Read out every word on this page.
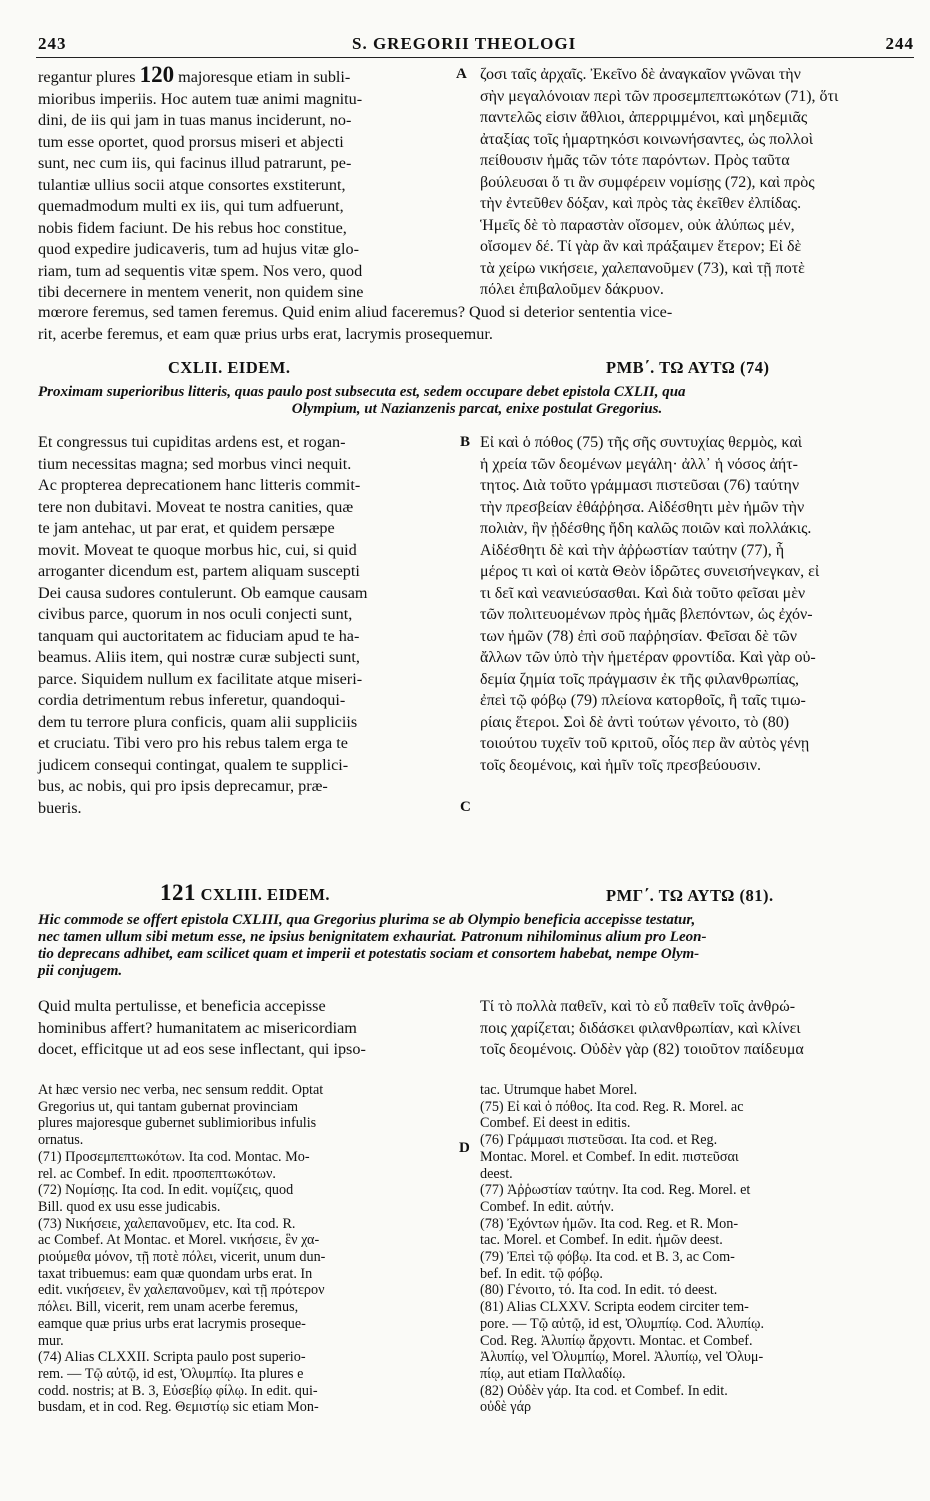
243	S. GREGORII THEOLOGI	244
regantur plures 120 majoresque etiam in subli-
mioribus imperiis. Hoc autem tuæ animi magnitu-
dini, de iis qui jam in tuas manus inciderunt, no-
tum esse oportet, quod prorsus miseri et abjecti
sunt, nec cum iis, qui facinus illud patrarunt, pe-
tulantiæ ullius socii atque consortes exstiterunt,
quemadmodum multi ex iis, qui tum adfuerunt,
nobis fidem faciunt. De his rebus hoc constitue,
quod expedire judicaveris, tum ad hujus vitæ glo-
riam, tum ad sequentis vitæ spem. Nos vero, quod
tibi decernere in mentem venerit, non quidem sine
A ζοσι ταῖς ἀρχαῖς. Ἐκεῖνο δὲ ἀναγκαῖον γνῶναι τὴν
σὴν μεγαλόνοιαν περὶ τῶν προσεμπεπτωκότων (71), ὅτι
παντελῶς εἰσιν ἄθλιοι, ἀπερριμμένοι, καὶ μηδεμιᾶς
ἀταξίας τοῖς ἡμαρτηκόσι κοινωνήσαντες, ὡς πολλοὶ
πείθουσιν ἡμᾶς τῶν τότε παρόντων. Πρὸς ταῦτα
βούλευσαι ὅ τι ἂν συμφέρειν νομίσῃς (72), καὶ πρὸς
τὴν ἐντεῦθεν δόξαν, καὶ πρὸς τὰς ἐκεῖθεν ἐλπίδας.
Ἡμεῖς δὲ τὸ παραστὰν οἴσομεν, οὐκ ἀλύπως μέν,
οἴσομεν δέ. Τί γὰρ ἂν καὶ πράξαιμεν ἕτερον; Εἰ δὲ
τὰ χείρω νικήσειε, χαλεπανοῦμεν (73), καὶ τῇ ποτὲ
πόλει ἐπιβαλοῦμεν δάκρυον.
mœrore feremus, sed tamen feremus. Quid enim aliud faceremus? Quod si deterior sententia vice-
rit, acerbe feremus, et eam quæ prius urbs erat, lacrymis prosequemur.
CXLII. EIDEM.	ΡΜΒ΄. ΤΩ ΑΥΤΩ (74)
Proximam superioribus litteris, quas paulo post subsecuta est, sedem occupare debet epistola CXLII, qua
Olympium, ut Nazianzenis parcat, enixe postulat Gregorius.
Et congressus tui cupiditas ardens est, et rogan-
tium necessitas magna; sed morbus vinci nequit.
Ac propterea deprecationem hanc litteris commit-
tere non dubitavi. Moveat te nostra canities, quæ
te jam antehac, ut par erat, et quidem persæpe
movit. Moveat te quoque morbus hic, cui, si quid
arroganter dicendum est, partem aliquam suscepti
Dei causa sudores contulerunt. Ob eamque causam
civibus parce, quorum in nos oculi conjecti sunt,
tanquam qui auctoritatem ac fiduciam apud te ha-
beamus. Aliis item, qui nostræ curæ subjecti sunt,
parce. Siquidem nullum ex facilitate atque miseri-
cordia detrimentum rebus inferetur, quandoqui-
dem tu terrore plura conficis, quam alii suppliciis
et cruciatu. Tibi vero pro his rebus talem erga te
judicem consequi contingat, qualem te supplici-
bus, ac nobis, qui pro ipsis deprecamur, præ-
bueris.
B
C
Εἰ καὶ ὁ πόθος (75) τῆς σῆς συντυχίας θερμὸς, καὶ
ἡ χρεία τῶν δεομένων μεγάλη· ἀλλ᾽ ἡ νόσος ἀήτ-
τητος. Διὰ τοῦτο γράμμασι πιστεῦσαι (76) ταύτην
τὴν πρεσβείαν ἐθάῤῥησα. Αἰδέσθητι μὲν ἡμῶν τὴν
πολιὰν, ἣν ᾐδέσθης ἤδη καλῶς ποιῶν καὶ πολλάκις.
Αἰδέσθητι δὲ καὶ τὴν ἀῤῥωστίαν ταύτην (77), ἧ
μέρος τι καὶ οἱ κατὰ Θεὸν ἱδρῶτες συνεισήνεγκαν, εἰ
τι δεῖ καὶ νεανιεύσασθαι. Καὶ διὰ τοῦτο φεῖσαι μὲν
τῶν πολιτευομένων πρὸς ἡμᾶς βλεπόντων, ὡς ἐχόν-
των ἡμῶν (78) ἐπὶ σοῦ παῤῥησίαν. Φεῖσαι δὲ τῶν
ἄλλων τῶν ὑπὸ τὴν ἡμετέραν φροντίδα. Καὶ γὰρ οὐ-
δεμία ζημία τοῖς πράγμασιν ἐκ τῆς φιλανθρωπίας,
ἐπεὶ τῷ φόβῳ (79) πλείονα κατορθοῖς, ἢ ταῖς τιμω-
ρίαις ἕτεροι. Σοὶ δὲ ἀντὶ τούτων γένοιτο, τὸ (80)
τοιούτου τυχεῖν τοῦ κριτοῦ, οἷός περ ἂν αὐτὸς γένῃ
τοῖς δεομένοις, καὶ ἡμῖν τοῖς πρεσβεύουσιν.
121 CXLIII. EIDEM.	ΡΜΓ΄. ΤΩ ΑΥΤΩ (81).
Hic commode se offert epistola CXLIII, qua Gregorius plurima se ab Olympio beneficia accepisse testatur,
nec tamen ullum sibi metum esse, ne ipsius benignitatem exhauriat. Patronum nihilominus alium pro Leon-
tio deprecans adhibet, eam scilicet quam et imperii et potestatis sociam et consortem habebat, nempe Olym-
pii conjugem.
Quid multa pertulisse, et beneficia accepisse
hominibus affert? humanitatem ac misericordiam
docet, efficitque ut ad eos sese inflectant, qui ipso-
Τί τὸ πολλὰ παθεῖν, καὶ τὸ εὖ παθεῖν τοῖς ἀνθρώ-
ποις χαρίζεται; διδάσκει φιλανθρωπίαν, καὶ κλίνει
τοῖς δεομένοις. Οὐδὲν γὰρ (82) τοιοῦτον παίδευμα
At hæc versio nec verba, nec sensum reddit. Optat
Gregorius ut, qui tantam gubernat provinciam
plures majoresque gubernet sublimioribus infulis
ornatus.
(71) Προσεμπεπτωκότων. Ita cod. Montac. Mo-
rel. ac Combef. In edit. προσπεπτωκότων.
(72) Νομίσῃς. Ita cod. In edit. νομίζεις, quod
Bill. quod ex usu esse judicabis.
(73) Νικήσειε, χαλεπανοῦμεν, etc. Ita cod. R.
ac Combef. At Montac. et Morel. νικήσειε, ἓν χα-
ριούμεθα μόνον, τῇ ποτὲ πόλει, vicerit, unum dun-
taxat tribuemus: eam quæ quondam urbs erat. In
edit. νικήσειεν, ἓν χαλεπανοῦμεν, καὶ τῇ πρότερον
πόλει. Bill, vicerit, rem unam acerbe feremus,
eamque quæ prius urbs erat lacrymis proseque-
mur.
(74) Alias CLXXII. Scripta paulo post superio-
rem. — Τῷ αὐτῷ, id est, Ὀλυμπίῳ. Ita plures e
codd. nostris; at B. 3, Εὐσεβίῳ φίλῳ. In edit. qui-
busdam, et in cod. Reg. Θεμιστίῳ sic etiam Mon-
D
tac. Utrumque habet Morel.
(75) Εἰ καὶ ὁ πόθος. Ita cod. Reg. R. Morel. ac
Combef. Εἰ deest in editis.
(76) Γράμμασι πιστεῦσαι. Ita cod. et Reg.
Montac. Morel. et Combef. In edit. πιστεῦσαι
deest.
(77) Ἀῤῥωστίαν ταύτην. Ita cod. Reg. Morel. et
Combef. In edit. αὐτήν.
(78) Ἐχόντων ἡμῶν. Ita cod. Reg. et R. Mon-
tac. Morel. et Combef. In edit. ἡμῶν deest.
(79) Ἐπεὶ τῷ φόβῳ. Ita cod. et B. 3, ac Com-
bef. In edit. τῷ φόβῳ.
(80) Γένοιτο, τό. Ita cod. In edit. τό deest.
(81) Alias CLXXV. Scripta eodem circiter tem-
pore. — Τῷ αὐτῷ, id est, Ὀλυμπίῳ. Cod. Ἀλυπίῳ.
Cod. Reg. Ἀλυπίῳ ἄρχοντι. Montac. et Combef.
Ἀλυπίῳ, vel Ὀλυμπίῳ, Morel. Ἀλυπίῳ, vel Ὀλυμ-
πίῳ, aut etiam Παλλαδίῳ.
(82) Οὐδὲν γάρ. Ita cod. et Combef. In edit.
οὐδὲ γάρ
